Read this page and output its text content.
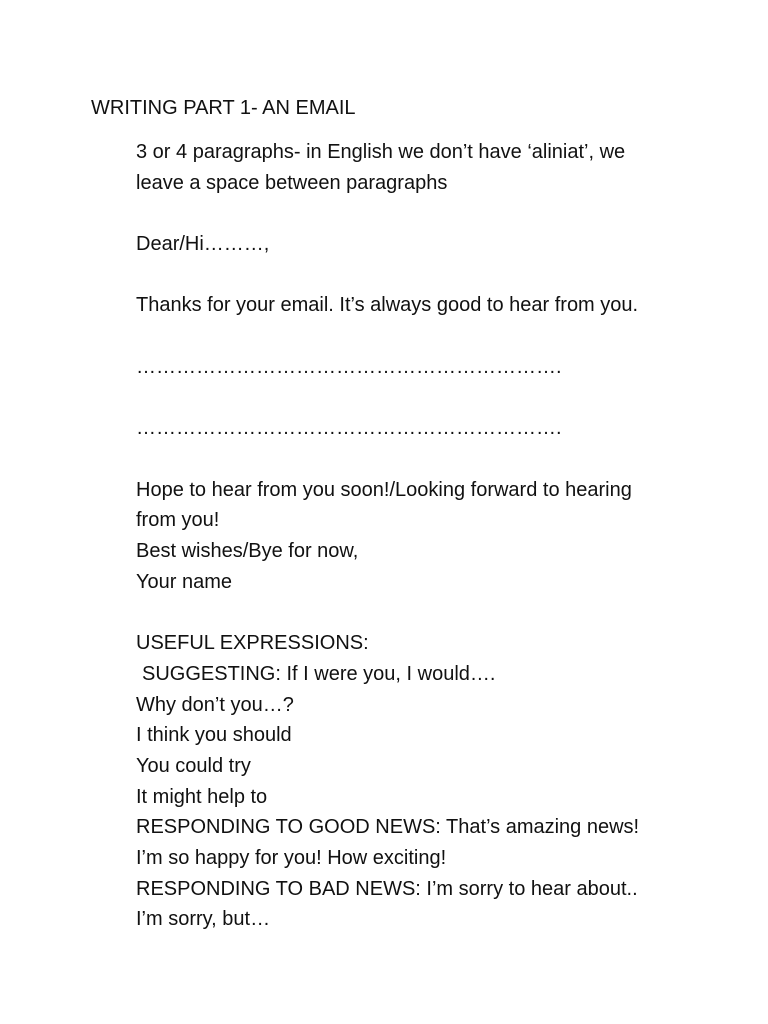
WRITING PART 1- AN EMAIL
3 or 4 paragraphs- in English we don’t have ‘aliniat’, we
leave a space between paragraphs
Dear/Hi………,
Thanks for your email. It’s always good to hear from you.
……………………………………………………….
……………………………………………………….
Hope to hear from you soon!/Looking forward to hearing
from you!
Best wishes/Bye for now,
Your name
USEFUL EXPRESSIONS:
SUGGESTING: If I were you, I would….
Why don’t you…?
I think you should
You could try
It might help to
RESPONDING TO GOOD NEWS: That’s amazing news!
I’m so happy for you! How exciting!
RESPONDING TO BAD NEWS: I’m sorry to hear about..
I’m sorry, but…
